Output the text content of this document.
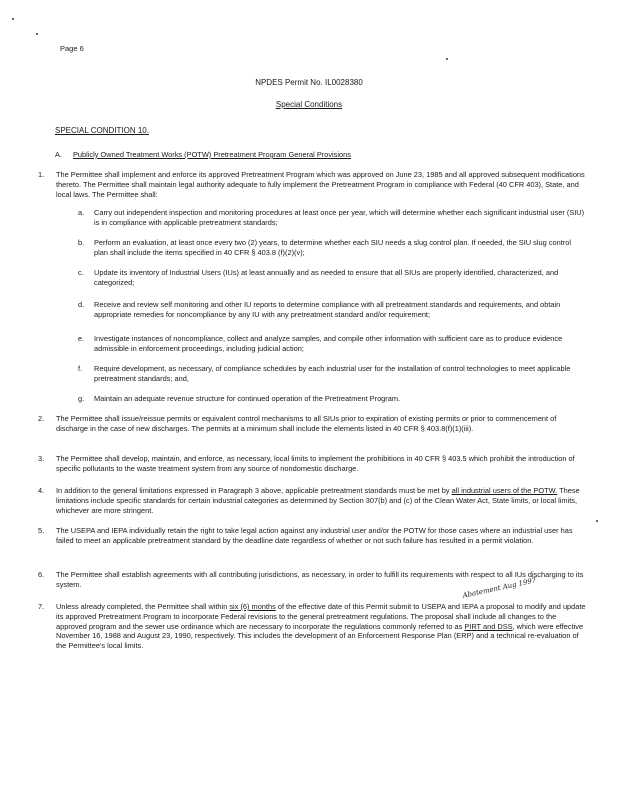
Page 6
NPDES Permit No. IL0028380
Special Conditions
SPECIAL CONDITION 10.
A.	Publicly Owned Treatment Works (POTW) Pretreatment Program General Provisions
1.	The Permittee shall implement and enforce its approved Pretreatment Program which was approved on June 23, 1985 and all approved subsequent modifications thereto. The Permittee shall maintain legal authority adequate to fully implement the Pretreatment Program in compliance with Federal (40 CFR 403), State, and local laws. The Permittee shall:
a.	Carry out independent inspection and monitoring procedures at least once per year, which will determine whether each significant industrial user (SIU) is in compliance with applicable pretreatment standards;
b.	Perform an evaluation, at least once every two (2) years, to determine whether each SIU needs a slug control plan. If needed, the SIU slug control plan shall include the items specified in 40 CFR § 403.8 (f)(2)(v);
c.	Update its inventory of Industrial Users (IUs) at least annually and as needed to ensure that all SIUs are properly identified, characterized, and categorized;
d.	Receive and review self monitoring and other IU reports to determine compliance with all pretreatment standards and requirements, and obtain appropriate remedies for noncompliance by any IU with any pretreatment standard and/or requirement;
e.	Investigate instances of noncompliance, collect and analyze samples, and compile other information with sufficient care as to produce evidence admissible in enforcement proceedings, including judicial action;
f.	Require development, as necessary, of compliance schedules by each industrial user for the installation of control technologies to meet applicable pretreatment standards; and,
g.	Maintain an adequate revenue structure for continued operation of the Pretreatment Program.
2.	The Permittee shall issue/reissue permits or equivalent control mechanisms to all SIUs prior to expiration of existing permits or prior to commencement of discharge in the case of new discharges. The permits at a minimum shall include the elements listed in 40 CFR § 403.8(f)(1)(iii).
3.	The Permittee shall develop, maintain, and enforce, as necessary, local limits to implement the prohibitions in 40 CFR § 403.5 which prohibit the introduction of specific pollutants to the waste treatment system from any source of nondomestic discharge.
4.	In addition to the general limitations expressed in Paragraph 3 above, applicable pretreatment standards must be met by all industrial users of the POTW. These limitations include specific standards for certain industrial categories as determined by Section 307(b) and (c) of the Clean Water Act, State limits, or local limits, whichever are more stringent.
5.	The USEPA and IEPA individually retain the right to take legal action against any industrial user and/or the POTW for those cases where an industrial user has failed to meet an applicable pretreatment standard by the deadline date regardless of whether or not such failure has resulted in a permit violation.
6.	The Permittee shall establish agreements with all contributing jurisdictions, as necessary, in order to fulfill its requirements with respect to all IUs discharging to its system.
7.	Unless already completed, the Permittee shall within six (6) months of the effective date of this Permit submit to USEPA and IEPA a proposal to modify and update its approved Pretreatment Program to incorporate Federal revisions to the general pretreatment regulations. The proposal shall include all changes to the approved program and the sewer use ordinance which are necessary to incorporate the regulations commonly referred to as PIRT and DSS, which were effective November 16, 1988 and August 23, 1990, respectively. This includes the development of an Enforcement Response Plan (ERP) and a technical re-evaluation of the Permittee's local limits.
Abatement Aug 1997
